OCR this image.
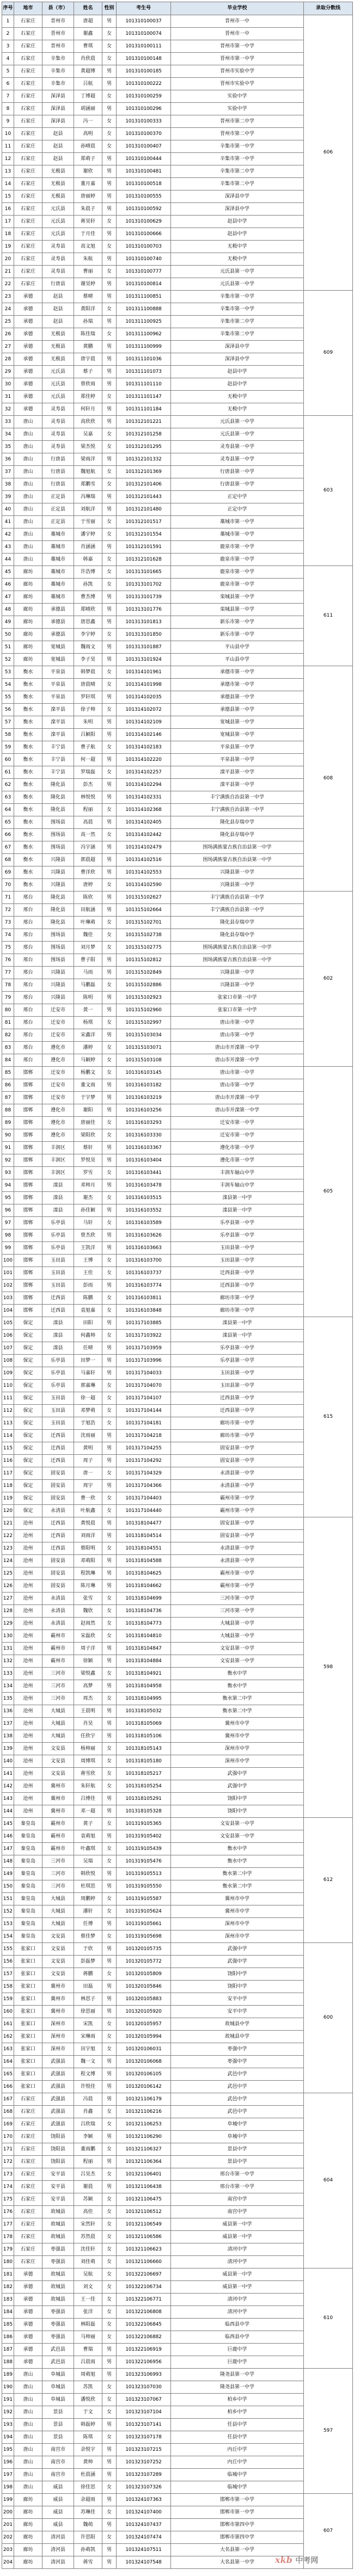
序号	地市	县（市）	姓名	性别	考生号	毕业学校	录取分数线
1	石家庄	晋州市	唐超	男	101310100037	晋州市一中	606
2	石家庄	晋州市	谢鑫	女	101310100074	晋州市一中	
3	石家庄	晋州市	曹琪	女	101310100111	晋州市第一中学	
4	石家庄	辛集市	肖欣晨	女	101310100148	晋州市第一中学	
5	石家庄	辛集市	黄超博	男	101310100185	晋州市实验中学	
6	石家庄	辛集市	吕航	男	101310100222	晋州市实验中学	
7	石家庄	深泽县	丁博超	女	101310100259	实验中学	
8	石家庄	深泽县	胡涵丽	男	101310100296	实验中学	
9	石家庄	深泽县	冯一	女	101310100333	晋州市第二中学	
10	石家庄	赵县	高明	女	101310100370	晋州市第二中学	
11	石家庄	赵县	孙晴晨	女	101310100407	辛集市第一中学	
12	石家庄	赵县	郑萌子	男	101310100444	辛集市第一中学	
13	石家庄	无极县	谢欣	男	101310100481	辛集市第二中学	
14	石家庄	无极县	董月嘉	男	101310100518	辛集市第二中学	
15	石家庄	无极县	唐丽婷	男	101310100555	深泽县中学	
16	石家庄	元氏县	朱晨子	男	101310100592	深泽县中学	
17	石家庄	元氏县	蒋昊轩	女	101310100629	赵县中学	
18	石家庄	元氏县	于月佳	男	101310100666	赵县中学	
19	石家庄	灵寿县	高文旭	女	101310100703	无极中学	
20	石家庄	灵寿县	朱航	男	101310100740	无极中学	
21	石家庄	灵寿县	曹丽	女	101310100777	元氏县第一中学	
22	石家庄	行唐县	谢昊婷	男	101310100814	元氏县第一中学	
23	承德	赵县	蔡晴	男	101311100851	辛集市第一中学	609
24	承德	赵县	黄阳洋	女	101311100888	辛集市第一中学	
25	承德	赵县	孙瑞	男	101311100925	辛集市第二中学	
26	承德	无极县	陈佳瑞	女	101311100962	辛集市第二中学	
27	承德	无极县	黄鹏	男	101311100999	深泽县中学	
28	承德	无极县	唐宇晨	男	101311101036	深泽县中学	
29	承德	元氏县	蔡子	男	101311101073	赵县中学	
30	承德	元氏县	曾欣雨	男	101311101110	赵县中学	
31	承德	元氏县	郑佳婷	女	101311101147	无极中学	
32	承德	灵寿县	何轩月	男	101311101184	无极中学	
33	唐山	灵寿县	高欣欣	男	101312101221	元氏县第一中学	603
34	唐山	灵寿县	吴嘉	女	101312101258	元氏县第一中学	
35	唐山	灵寿县	梁杰悦	女	101312101295	灵寿县第一中学	
36	唐山	行唐县	梁雨洋	男	101312101332	灵寿县第一中学	
37	唐山	行唐县	魏旭航	女	101312101369	行唐县第一中学	
38	唐山	行唐县	郑鹏雪	女	101312101406	行唐县第一中学	
39	唐山	正定县	冯琳瑞	男	101312101443	正定中学	
40	唐山	正定县	刘航洋	男	101312101480	正定中学	
41	唐山	正定县	于雪丽	女	101312101517	藁城市第一中学	
42	唐山	藁城市	潘宇婷	女	101312101554	藁城市第一中学	
43	唐山	藁城市	肖涵涵	男	101312101591	鹿泉市第一中学	
44	唐山	藁城市	韩嘉	女	101312101628	鹿泉市第一中学	
45	廊坊	藁城市	许浩博	女	101313101665	鹿泉市第一中学	611
46	廊坊	藁城市	孙凯	女	101313101702	鹿泉市第一中学	
47	廊坊	藁城市	曹杰博	男	101313101739	栾城县第一中学	
48	廊坊	承德县	郑晴欣	男	101313101776	栾城县第一中学	
49	廊坊	承德县	唐思鑫	男	101313101813	新乐市第一中学	
50	廊坊	承德县	李宇婷	女	101313101850	新乐市第一中学	
51	廊坊	宽城县	魏雨文	男	101313101887	平山县中学	
52	廊坊	宽城县	李子昊	男	101313101924	平山县中学	
53	衡水	平泉县	韩梦晨	女	101314101961	承德市第一中学	608
54	衡水	平泉县	唐晨晴	女	101314101998	承德市第一中学	
55	衡水	平泉县	罗轩琪	男	101314102035	承德县第一中学	
56	衡水	滦平县	徐子帅	女	101314102072	承德县第一中学	
57	衡水	滦平县	朱明	男	101314102109	宽城县第一中学	
58	衡水	滦平县	吕颖阳	男	101314102146	宽城县第一中学	
59	衡水	丰宁县	曹子航	女	101314102183	平泉县第一中学	
60	衡水	丰宁县	何一超	男	101314102220	平泉县第一中学	
61	衡水	丰宁县	罗瑞磊	女	101314102257	滦平县第一中学	
62	衡水	隆化县	彭杰	男	101314102294	滦平县第一中学	
63	衡水	隆化县	林悦悦	男	101314102331	丰宁满族自治县第一中学	
64	衡水	隆化县	程丽	女	101314102368	丰宁满族自治县第一中学	
65	衡水	围场县	高晨	男	101314102405	隆化县存瑞中学	
66	衡水	围场县	高一然	女	101314102442	隆化县存瑞中学	
67	衡水	围场县	冯宇涵	男	101314102479	围场满族蒙古族自治县第一中学	
68	衡水	兴隆县	郭晨超	男	101314102516	围场满族蒙古族自治县第一中学	
69	衡水	兴隆县	曹洋欣	男	101314102553	兴隆县第一中学	
70	衡水	兴隆县	唐婷	女	101314102590	兴隆县第一中学	
71	邢台	隆化县	陈欣	男	101315102627	丰宁满族自治县第一中学	602
72	邢台	隆化县	田航涵	男	101315102664	丰宁满族自治县第一中学	
73	邢台	隆化县	叶琳萌	女	101315102701	隆化县存瑞中学	
74	邢台	围场县	魏佳	女	101315102738	隆化县存瑞中学	
75	邢台	围场县	刘月梦	女	101315102775	围场满族蒙古族自治县第一中学	
76	邢台	围场县	曹子阳	男	101315102812	围场满族蒙古族自治县第一中学	
77	邢台	兴隆县	马雨	男	101315102849	兴隆县第一中学	
78	邢台	兴隆县	马鹏磊	女	101315102886	兴隆县第一中学	
79	邢台	兴隆县	陈明	男	101315102923	张家口市第一中学	
80	邢台	迁安市	黄一	男	101315102960	张家口市第一中学	
81	邢台	迁安市	杨琪	女	101315102997	唐山市第一中学	
82	邢台	迁安市	宋鑫洋	男	101315103034	唐山市第一中学	
83	邢台	遵化市	潘婷	女	101315103071	唐山市开滦第一中学	
84	邢台	遵化市	马颖婷	女	101315103108	唐山市开滦第一中学	
85	邯郸	迁安市	杨鹏文	女	101316103145	唐山市第一中学	605
86	邯郸	迁安市	董文雨	男	101316103182	唐山市第一中学	
87	邯郸	迁安市	于宇梦	男	101316103219	唐山市开滦第一中学	
88	邯郸	遵化市	谢阳	男	101316103256	唐山市开滦第一中学	
89	邯郸	遵化市	唐丽佳	女	101316103293	迁安市第一中学	
90	邯郸	遵化市	梁阳欣	女	101316103330	迁安市第一中学	
91	邯郸	丰润区	蔡轩	男	101316103367	遵化市第一中学	
92	邯郸	丰润区	罗悦昊	男	101316103404	遵化市第一中学	
93	邯郸	丰润区	罗雪	女	101316103441	丰润车轴山中学	
94	邯郸	滦县	邓帅月	男	101316103478	丰润车轴山中学	
95	邯郸	滦县	谢杰	女	101316103515	滦县第一中学	
96	邯郸	滦县	孙佳颖	男	101316103552	滦县第一中学	
97	邯郸	乐亭县	马轩	女	101316103589	乐亭县第一中学	
98	邯郸	乐亭县	曾杰欣	男	101316103626	乐亭县第一中学	
99	邯郸	乐亭县	王凯洋	男	101316103663	玉田县第一中学	
100	邯郸	玉田县	王博	女	101316103700	玉田县第一中学	
101	邯郸	玉田县	王佳	女	101316103737	迁西县第一中学	
102	邯郸	玉田县	彭雨	男	101316103774	迁西县第一中学	
103	邯郸	迁西县	陈鹏	女	101316103811	廊坊市第一中学	
104	邯郸	迁西县	袁旭嘉	女	101316103848	廊坊市第一中学	
105	保定	滦县	田阳	男	101317103885	滦县第一中学	615
106	保定	滦县	何鑫帅	女	101317103922	滦县第一中学	
107	保定	滦县	任晴	男	101317103959	乐亭县第一中学	
108	保定	乐亭县	田梦一	男	101317103996	乐亭县第一中学	
109	保定	乐亭县	马嘉轩	男	101317104033	玉田县第一中学	
110	保定	乐亭县	郭嘉琳	女	101317104070	玉田县第一中学	
111	保定	玉田县	徐一超	女	101317104107	迁西县第一中学	
112	保定	玉田县	邓梦萌	女	101317104144	迁西县第一中学	
113	保定	玉田县	于旭浩	女	101317104181	廊坊市第一中学	
114	保定	迁西县	沈雨丽	男	101317104218	廊坊市第一中学	
115	保定	迁西县	黄明	男	101317104255	固安县第一中学	
116	保定	迁西县	周子	男	101317104292	固安县第一中学	
117	保定	固安县	唐一	女	101317104329	永清县第一中学	
118	保定	固安县	周宇	男	101317104366	永清县第一中学	
119	保定	固安县	曹一欣	女	101317104403	霸州市第一中学	
120	保定	永清县	叶航鑫	女	101317104440	霸州市第一中学	
121	沧州	迁西县	黄悦晨	男	101318104477	固安县第一中学	598
122	沧州	迁西县	刘雨洋	男	101318104514	固安县第一中学	
123	沧州	迁西县	蔡阳明	女	101318104551	永清县第一中学	
124	沧州	固安县	邓萌阳	男	101318104588	永清县第一中学	
125	沧州	固安县	程凯琳	男	101318104625	霸州市第一中学	
126	沧州	固安县	陈月琳	男	101318104662	霸州市第一中学	
127	沧州	永清县	张雪	女	101318104699	三河市第一中学	
128	沧州	永清县	魏欣	女	101318104736	三河市第一中学	
129	沧州	永清县	赵雨然	女	101318104773	大城县第一中学	
130	沧州	霸州市	宋磊欣	女	101318104810	大城县第一中学	
131	沧州	霸州市	周子洋	男	101318104847	文安县第一中学	
132	沧州	霸州市	徐颖	男	101318104884	文安县第一中学	
133	沧州	三河市	梁悦鑫	女	101318104921	衡水中学	
134	沧州	三河市	高梦	男	101318104958	衡水中学	
135	沧州	三河市	周杰	女	101318104995	衡水第二中学	
136	沧州	大城县	王晨明	男	101318105032	衡水第二中学	
137	沧州	大城县	肖昊	男	101318105069	冀州市中学	
138	沧州	大城县	任欣宇	男	101318105106	冀州市中学	
139	沧州	文安县	杨帅丽	女	101318105143	深州市中学	
140	沧州	文安县	周博琪	女	101318105180	深州市中学	
141	沧州	文安县	蒋雪欣	女	101318105217	武强中学	
142	沧州	冀州市	朱轩航	女	101318105254	武强中学	
143	沧州	冀州市	吕博佳	男	101318105291	饶阳中学	
144	沧州	冀州市	邓一超	男	101318105328	饶阳中学	
145	秦皇岛	霸州市	黄子	女	101319105365	文安县第一中学	612
146	秦皇岛	霸州市	袁萌旭	男	101319105402	文安县第一中学	
147	秦皇岛	霸州市	叶鑫琪	女	101319105439	衡水中学	
148	秦皇岛	三河市	吴瑞	女	101319105476	衡水中学	
149	秦皇岛	三河市	韩欣悦	男	101319105513	衡水第二中学	
150	秦皇岛	三河市	杜琪思	男	101319105550	衡水第二中学	
151	秦皇岛	大城县	周鹏婷	女	101319105587	冀州市中学	
152	秦皇岛	大城县	潘轩	女	101319105624	冀州市中学	
153	秦皇岛	大城县	任博	男	101319105661	深州市中学	
154	秦皇岛	文安县	蔡佳梦	女	101319105698	深州市中学	
155	张家口	文安县	于欣	男	101320105735	武强中学	600
156	张家口	文安县	彭磊梦	男	101320105772	武强中学	
157	张家口	文安县	蒋鹏	女	101320105809	饶阳中学	
158	张家口	冀州市	田磊	男	101320105846	饶阳中学	
159	张家口	冀州市	林思子	男	101320105883	安平中学	
160	张家口	冀州市	徐思丽	男	101320105920	安平中学	
161	张家口	深州市	宋凯	女	101320105957	故城县中学	
162	张家口	深州市	宋琳雨	女	101320105994	故城县中学	
163	张家口	深州市	田宇旭	女	101320106031	枣强中学	
164	张家口	武强县	魏一文	男	101320106068	枣强中学	
165	张家口	武强县	程文博	男	101320106105	武邑中学	
166	张家口	武强县	许悦佳	男	101320106142	武邑中学	
167	石家庄	武强县	冯晨	男	101321106179	武邑中学	604
168	石家庄	武强县	肖鑫	女	101321106216	武邑中学	
169	石家庄	武强县	吕欣瑞	女	101321106253	阜城中学	
170	石家庄	饶阳县	李颖	男	101321106290	阜城中学	
171	石家庄	饶阳县	董雨鹏	女	101321106327	景县中学	
172	石家庄	饶阳县	程丽	男	101321106364	景县中学	
173	石家庄	安平县	吕昊杰	女	101321106401	邢台市第一中学	
174	石家庄	安平县	谢晨	男	101321106438	邢台市第一中学	
175	石家庄	安平县	苏颖	女	101321106475	南宫中学	
176	石家庄	故城县	高佳	女	101321106512	南宫中学	
177	石家庄	故城县	宋然轩	女	101321106549	威县第一中学	
178	石家庄	故城县	苏然晨	女	101321106586	威县第一中学	
179	石家庄	枣强县	沈佳轩	女	101321106623	清河中学	
180	石家庄	枣强县	刘佳萌	女	101321106660	清河中学	
181	承德	故城县	吴航	女	101322106697	威县第一中学	610
182	承德	故城县	刘文	女	101322106734	威县第一中学	
183	承德	故城县	王一佳	女	101322106771	清河中学	
184	承德	枣强县	张洋	女	101322106808	清河中学	
185	承德	枣强县	林阳磊	女	101322106845	临西县中学	
186	承德	枣强县	马帅丽	女	101322106882	临西县中学	
187	承德	武邑县	曹瑞	男	101322106919	巨鹿中学	
188	承德	武邑县	吕晨雨	男	101322106956	巨鹿中学	
189	唐山	阜城县	周萌旭	男	101323106993	隆尧县第一中学	597
190	唐山	阜城县	苏凯	女	101323107030	隆尧县第一中学	
191	唐山	阜城县	潘悦欣	女	101323107067	柏乡中学	
192	唐山	景县	于文	女	101323107104	柏乡中学	
193	唐山	景县	韩磊婷	男	101323107141	任县中学	
194	唐山	景县	陈琪	女	101323107178	任县中学	
195	唐山	南宫市	余悦宇	男	101323107215	内丘中学	
196	唐山	南宫市	黄帅	男	101323107252	内丘中学	
197	唐山	南宫市	杜晨涵	男	101323107289	临城中学	
198	唐山	威县	徐佳思	女	101323107326	临城中学	
199	廊坊	威县	余超雨	男	101324107363	邯郸市第一中学	607
200	廊坊	威县	苏琳佳	女	101324107400	邯郸市第一中学	
201	廊坊	威县	魏萌	男	101324107437	邯郸市第四中学	
202	廊坊	清河县	许思阳	女	101324107474	邯郸市第四中学	
203	廊坊	清河县	孙萌凯	男	101324107511	大名县第一中学	
204	廊坊	清河县	蒋雪	男	101324107548	大名县第一中学	xkb 中考网
